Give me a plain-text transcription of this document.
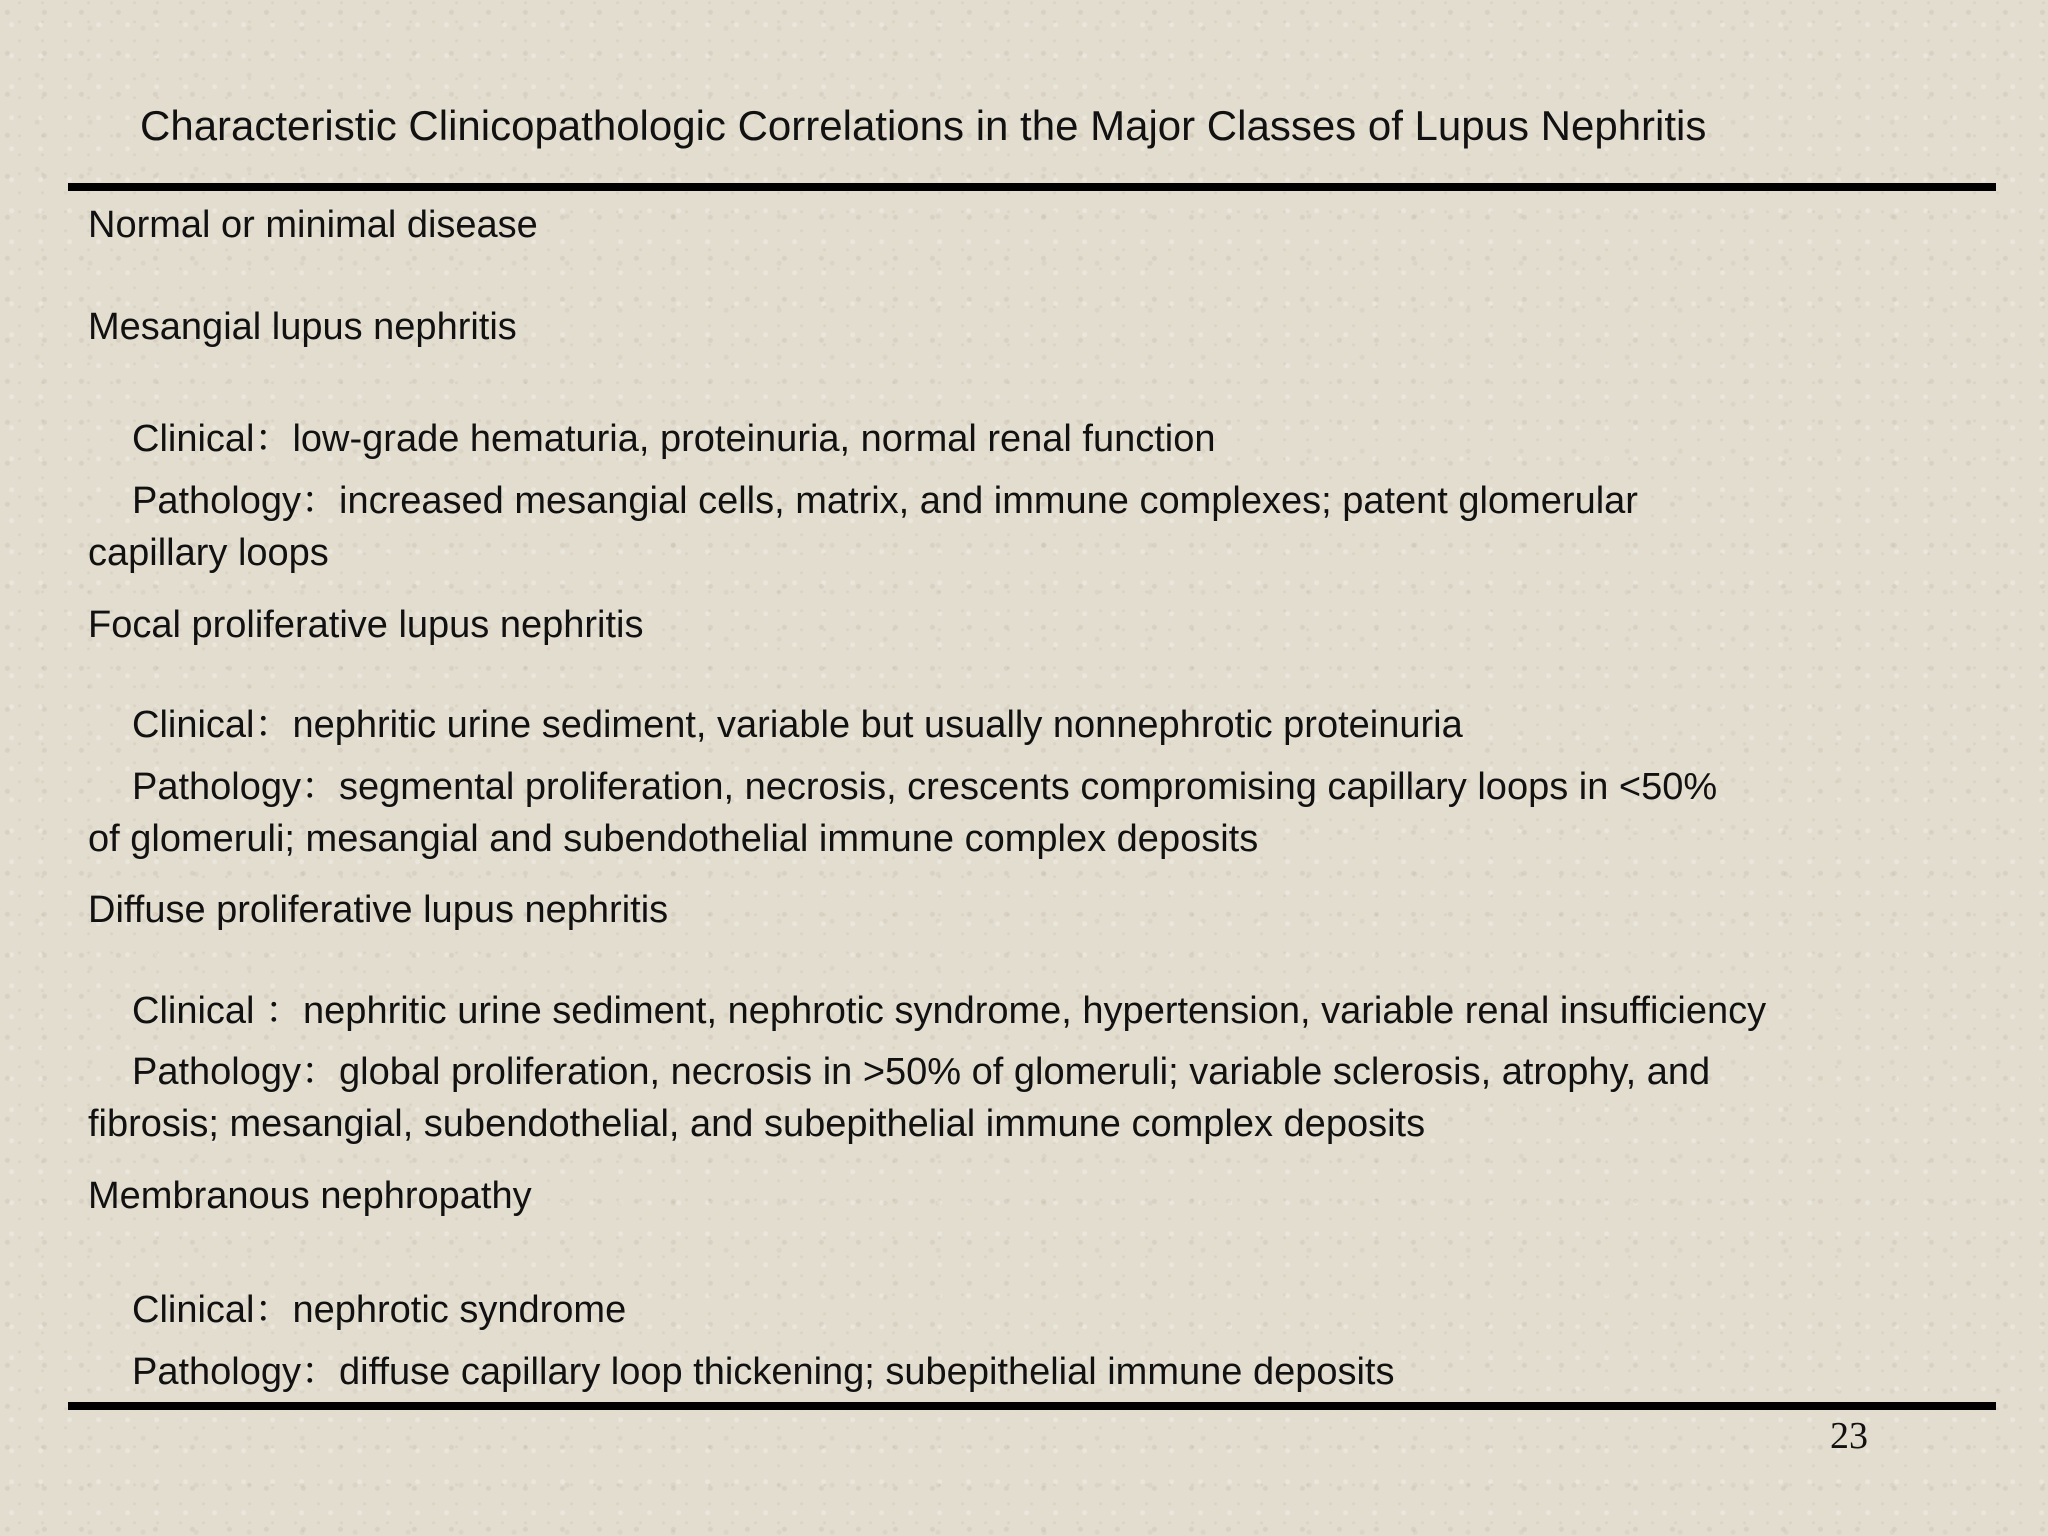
Characteristic Clinicopathologic Correlations in the Major Classes of Lupus Nephritis
Normal or minimal disease
Mesangial lupus nephritis
Clinical：low-grade hematuria, proteinuria, normal renal function
Pathology：increased mesangial cells, matrix, and immune complexes; patent glomerular
capillary loops
Focal proliferative lupus nephritis
Clinical：nephritic urine sediment, variable but usually nonnephrotic proteinuria
Pathology：segmental proliferation, necrosis, crescents compromising capillary loops in <50%
of glomeruli; mesangial and subendothelial immune complex deposits
Diffuse proliferative lupus nephritis
Clinical ：nephritic urine sediment, nephrotic syndrome, hypertension, variable renal insufficiency
Pathology：global proliferation, necrosis in >50% of glomeruli; variable sclerosis, atrophy, and
fibrosis; mesangial, subendothelial, and subepithelial immune complex deposits
Membranous nephropathy
Clinical：nephrotic syndrome
Pathology：diffuse capillary loop thickening; subepithelial immune deposits
23
